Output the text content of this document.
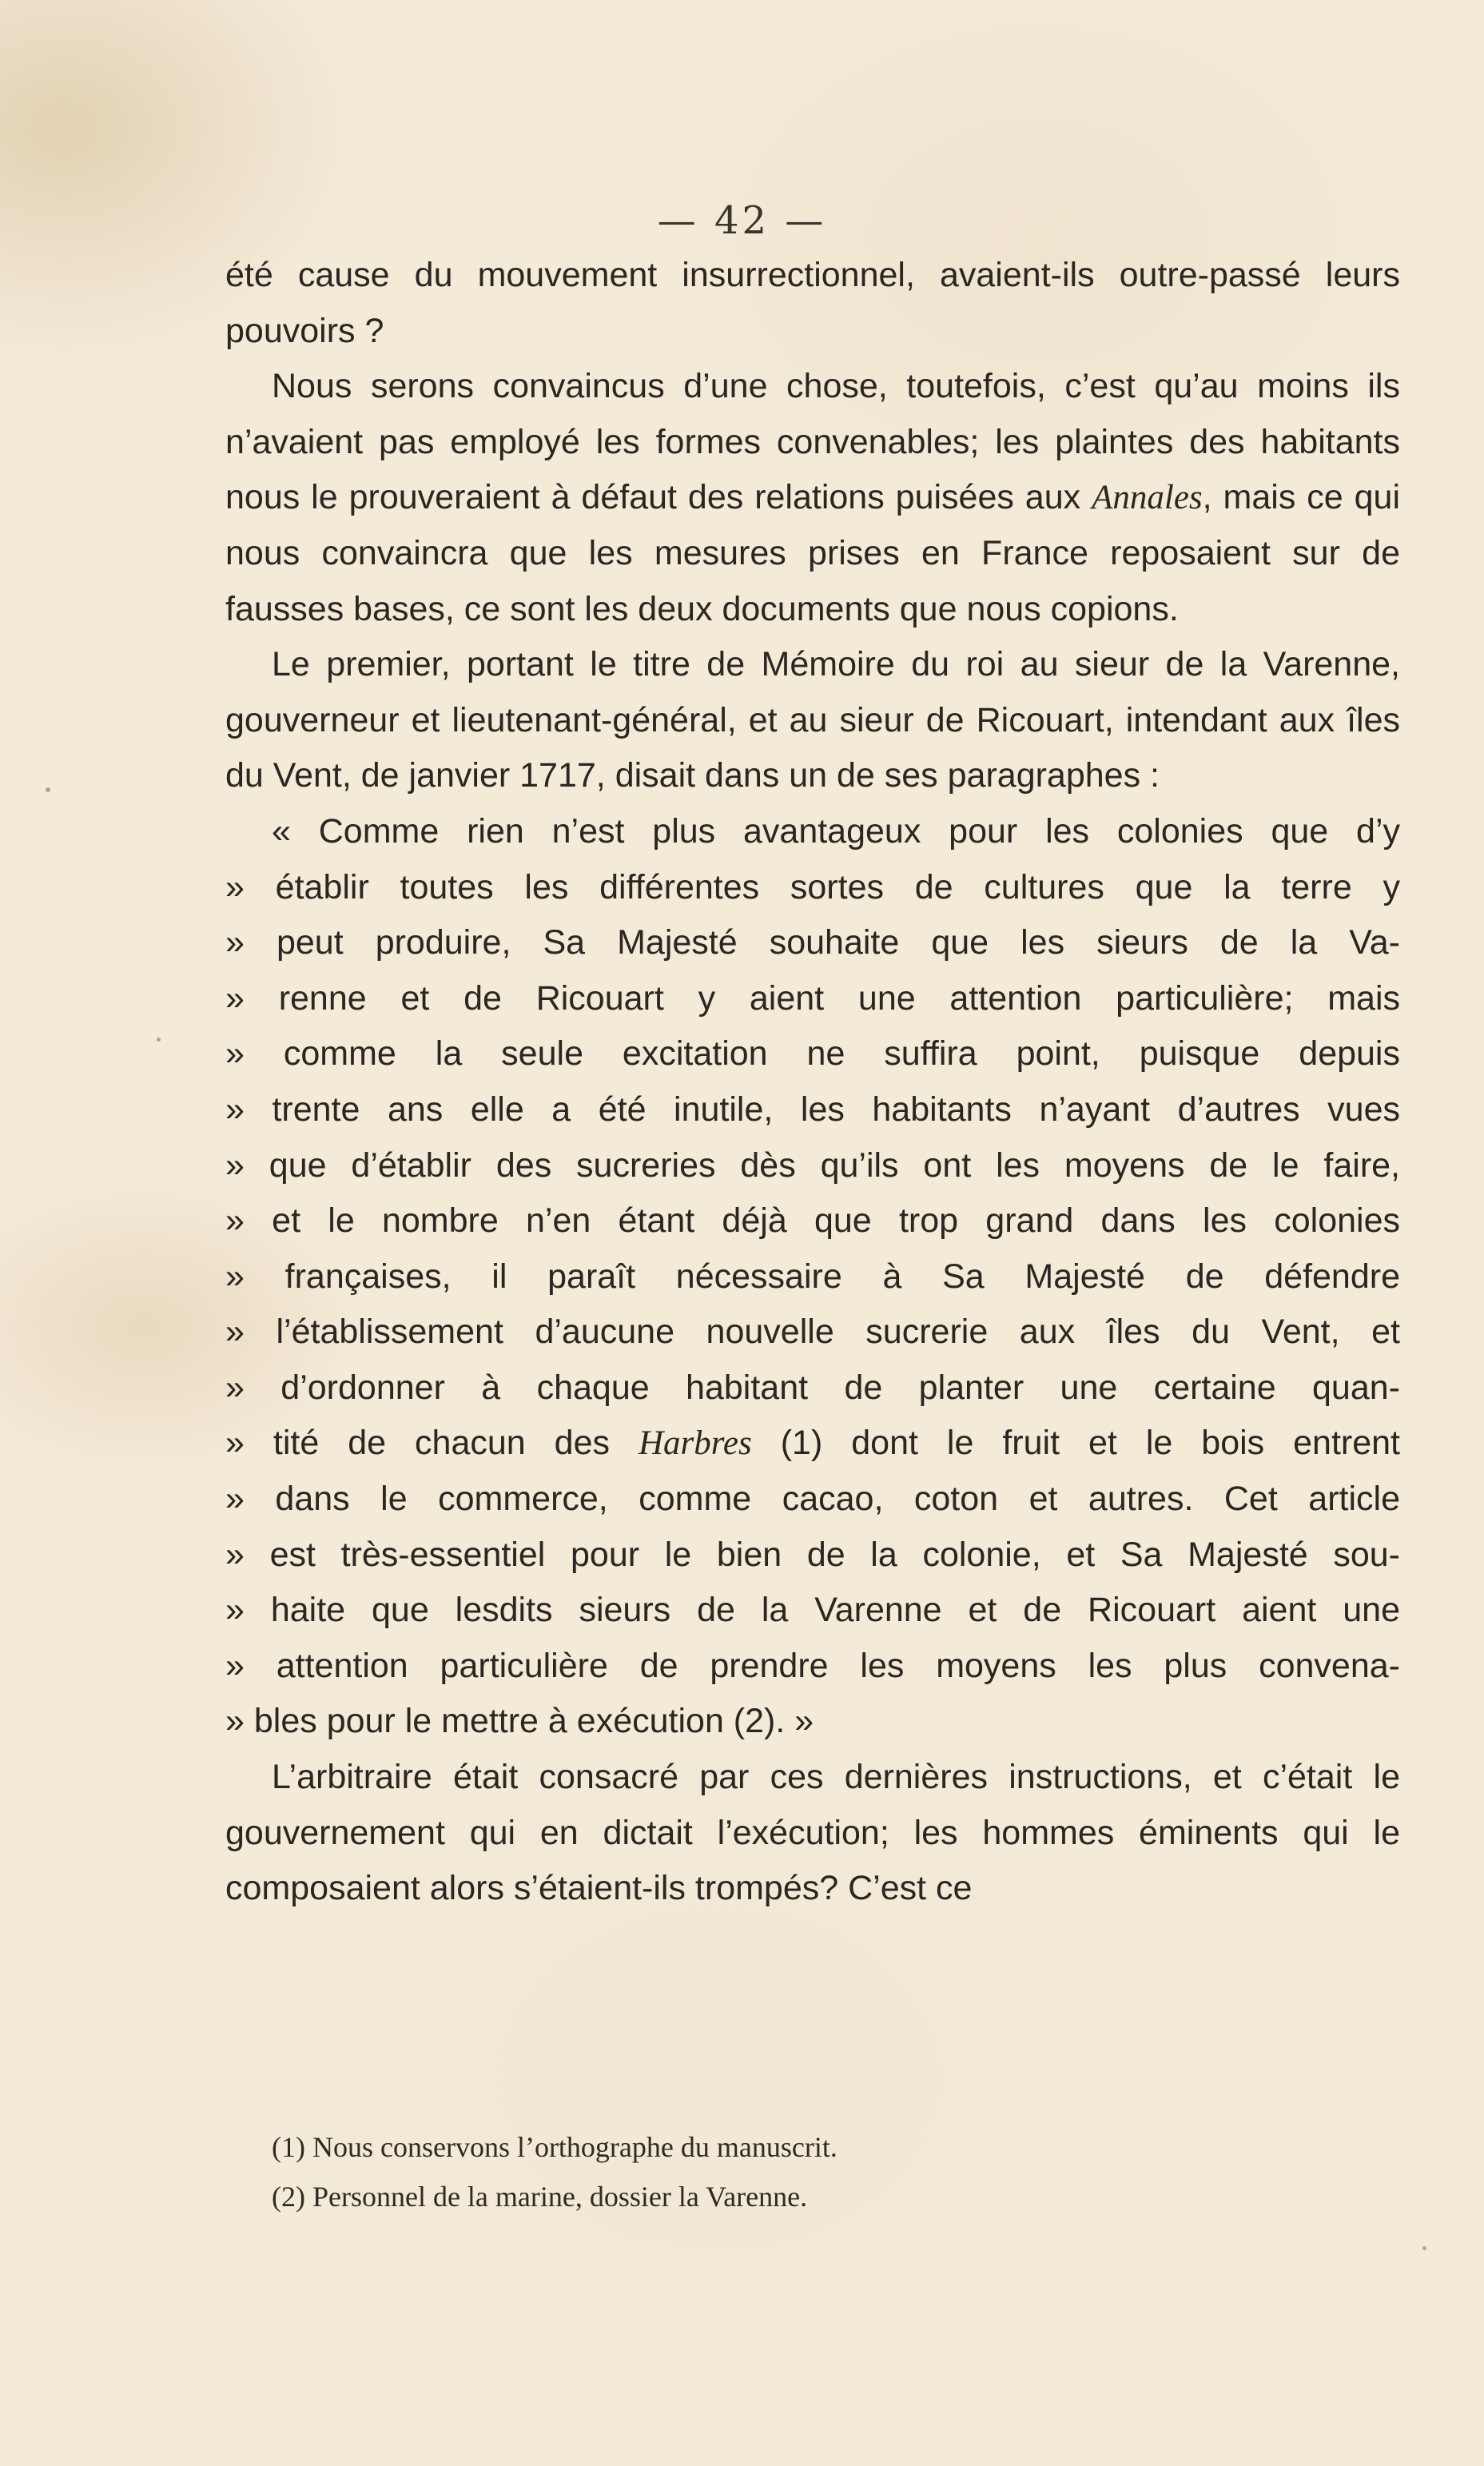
— 42 —

été cause du mouvement insurrectionnel, avaient-ils outre-passé leurs pouvoirs ?

Nous serons convaincus d’une chose, toutefois, c’est qu’au moins ils n’avaient pas employé les formes convenables; les plaintes des habitants nous le prouveraient à défaut des relations puisées aux Annales, mais ce qui nous convaincra que les mesures prises en France reposaient sur de fausses bases, ce sont les deux documents que nous copions.

Le premier, portant le titre de Mémoire du roi au sieur de la Varenne, gouverneur et lieutenant-général, et au sieur de Ricouart, intendant aux îles du Vent, de janvier 1717, disait dans un de ses paragraphes :

« Comme rien n’est plus avantageux pour les colonies que d’y
» établir toutes les différentes sortes de cultures que la terre y
» peut produire, Sa Majesté souhaite que les sieurs de la Va-
» renne et de Ricouart y aient une attention particulière; mais
» comme la seule excitation ne suffira point, puisque depuis
» trente ans elle a été inutile, les habitants n’ayant d’autres vues
» que d’établir des sucreries dès qu’ils ont les moyens de le faire,
» et le nombre n’en étant déjà que trop grand dans les colonies
» françaises, il paraît nécessaire à Sa Majesté de défendre
» l’établissement d’aucune nouvelle sucrerie aux îles du Vent, et
» d’ordonner à chaque habitant de planter une certaine quan-
» tité de chacun des Harbres (1) dont le fruit et le bois entrent
» dans le commerce, comme cacao, coton et autres. Cet article
» est très-essentiel pour le bien de la colonie, et Sa Majesté sou-
» haite que lesdits sieurs de la Varenne et de Ricouart aient une
» attention particulière de prendre les moyens les plus convena-
» bles pour le mettre à exécution (2). »

L’arbitraire était consacré par ces dernières instructions, et c’était le gouvernement qui en dictait l’exécution; les hommes éminents qui le composaient alors s’étaient-ils trompés? C’est ce

(1) Nous conservons l’orthographe du manuscrit.
(2) Personnel de la marine, dossier la Varenne.
